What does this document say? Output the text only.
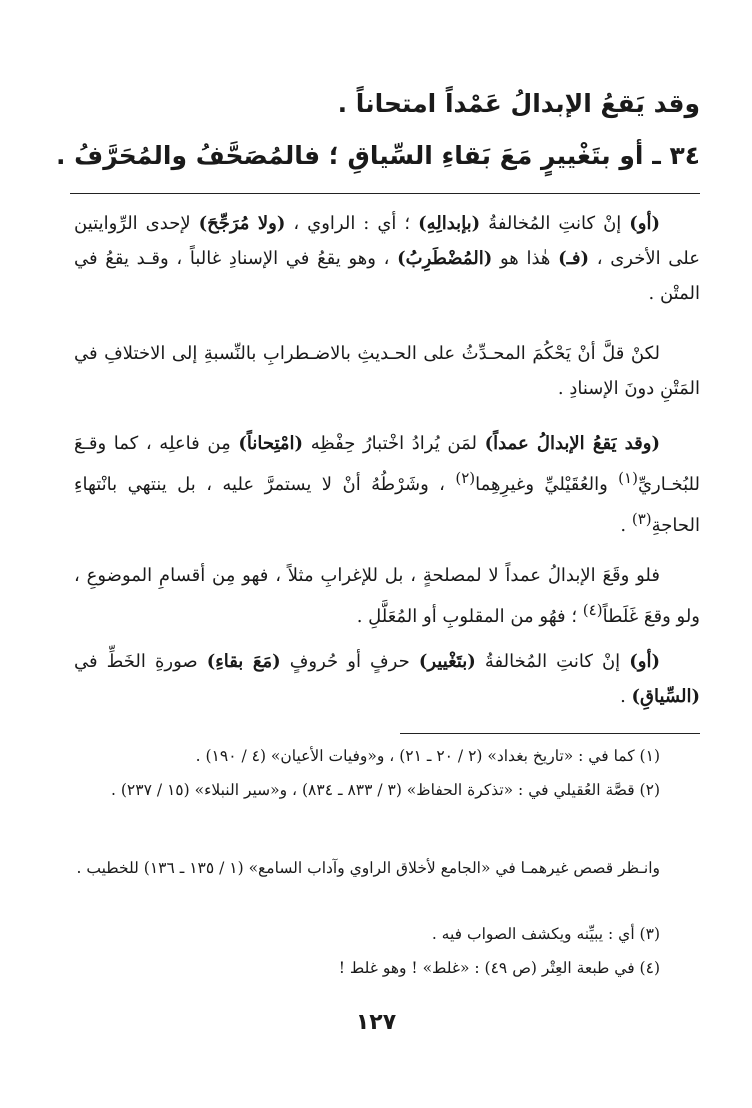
وقد يَقعُ الإبدالُ عَمْداً امتحاناً .

٣٤ ـ أو بتَغْييرٍ مَعَ بَقاءِ السِّياقِ ؛ فالمُصَحَّفُ والمُحَرَّفُ .

(أو) إنْ كانتِ المُخالفةُ (بإبدالِهِ) ؛ أي : الراوي ، (ولا مُرَجِّحَ) لإحدى الرِّوايتين على الأخرى ، (فـ) هٰذا هو (المُضْطَرِبُ) ، وهو يقعُ في الإسنادِ غالباً ، وقـد يقعُ في المتْن .

لكنْ قلَّ أنْ يَحْكُمَ المحـدِّثُ على الحـديثِ بالاضـطرابِ بالنِّسبةِ إلى الاختلافِ في المَتْنِ دونَ الإسنادِ .

(وقد يَقعُ الإبدالُ عمداً) لمَن يُرادُ اخْتبارُ حِفْظِه (امْتِحاناً) مِن فاعلِه ، كما وقـعَ للبُخـاريِّ$^{(١)}$ والعُقَيْليِّ وغيرِهِما$^{(٢)}$ ، وشَرْطُهُ أنْ لا يستمرَّ عليه ، بل ينتهي بانْتهاءِ الحاجةِ$^{(٣)}$ .

فلو وقَعَ الإبدالُ عمداً لا لمصلحةٍ ، بل للإغرابِ مثلاً ، فهو مِن أقسامِ الموضوعِ ، ولو وقعَ غَلَطاً$^{(٤)}$ ؛ فهُو من المقلوبِ أو المُعَلَّلِ .

(أو) إنْ كانتِ المُخالفةُ (بتَغْيير) حرفٍ أو حُروفٍ (مَعَ بقاءِ) صورةِ الخَطِّ في (السِّياقِ) .

(١) كما في : «تاريخ بغداد» (٢ / ٢٠ ـ ٢١) ، و«وفيات الأعيان» (٤ / ١٩٠) .

(٢) قصَّة العُقيلي في : «تذكرة الحفاظ» (٣ / ٨٣٣ ـ ٨٣٤) ، و«سير النبلاء» (١٥ / ٢٣٧) .

وانـظر قصص غيرهمـا في «الجامع لأخلاق الراوي وآداب السامع» (١ / ١٣٥ ـ ١٣٦) للخطيب .

(٣) أي : يبيِّنه ويكشف الصواب فيه .

(٤) في طبعة العِتْر (ص ٤٩) : «غلط» ! وهو غلط !

١٢٧
